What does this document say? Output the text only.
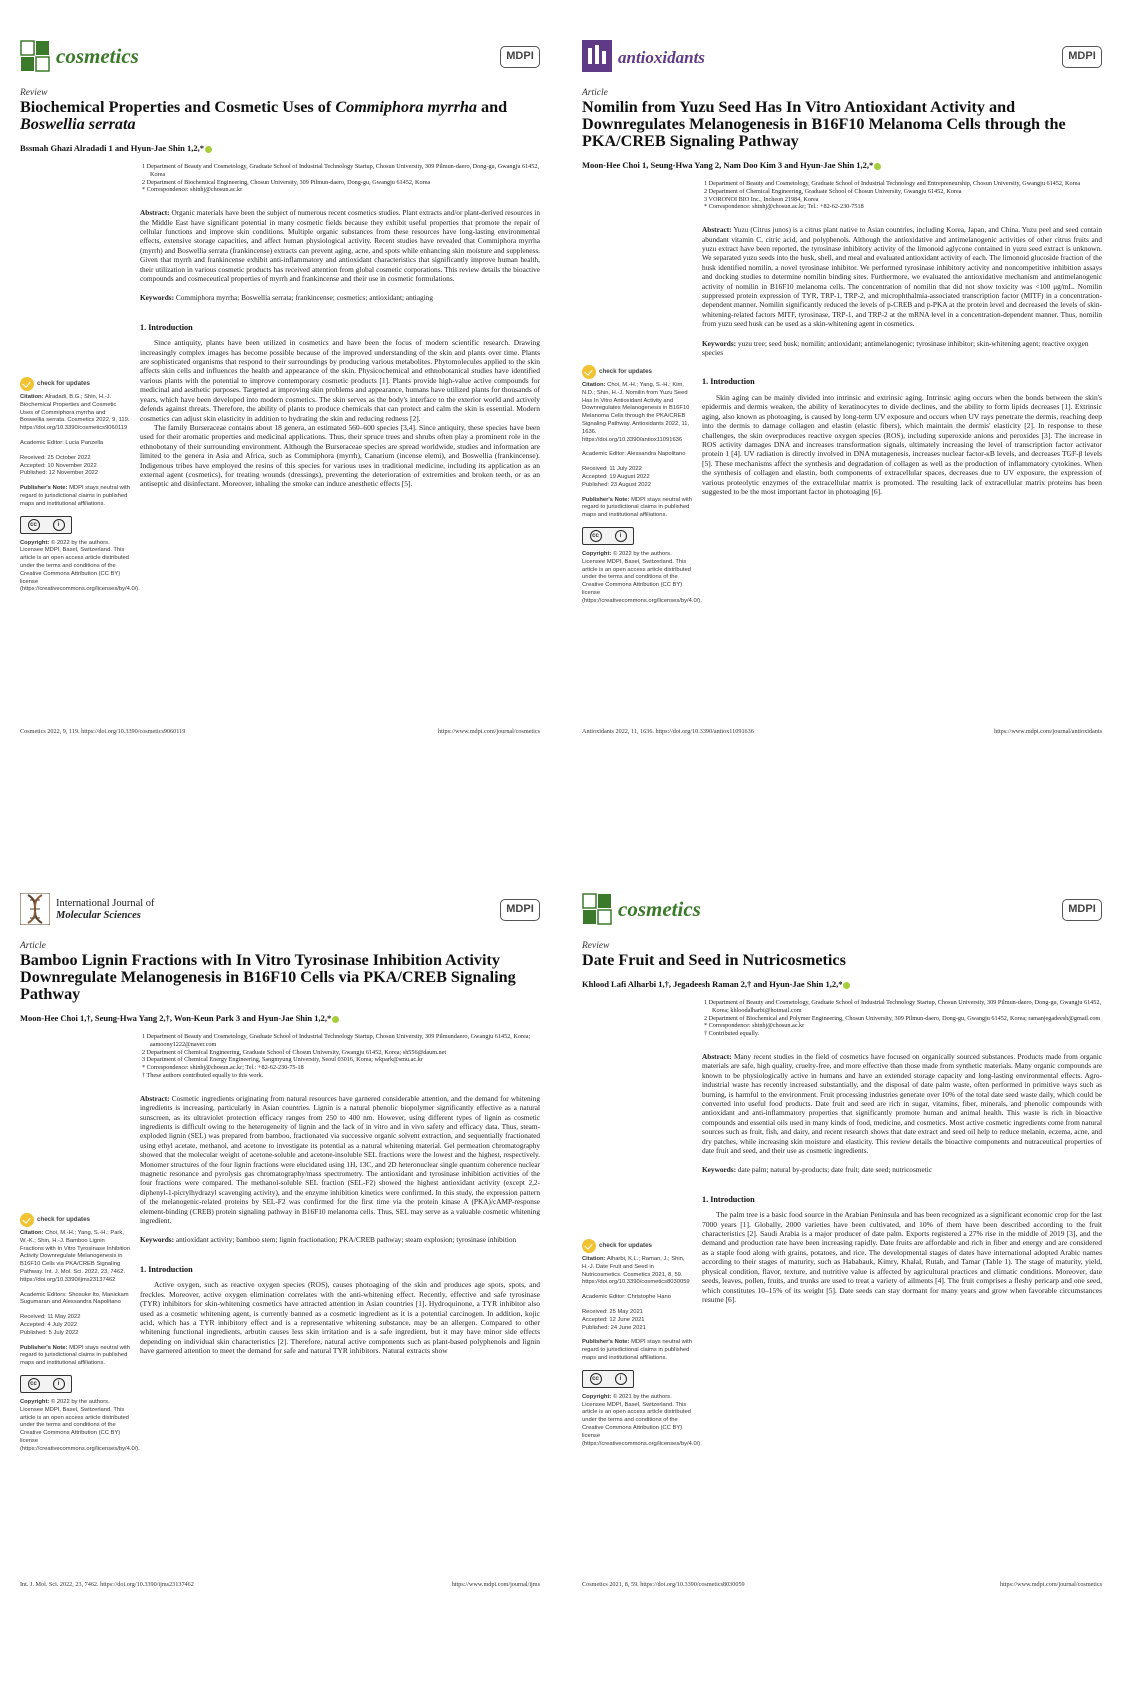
cosmetics	MDPI
Review
Biochemical Properties and Cosmetic Uses of Commiphora myrrha and Boswellia serrata
Bssmah Ghazi Alradadi 1 and Hyun-Jae Shin 1,2,*
check for updates

Citation: Alradadi, B.G.; Shin, H.-J. Biochemical Properties and Cosmetic Uses of Commiphora myrrha and Boswellia serrata. Cosmetics 2022, 9, 119. https://doi.org/10.3390/cosmetics9060119

Academic Editor: Lucia Panzella

Received: 25 October 2022
Accepted: 10 November 2022
Published: 12 November 2022

Publisher's Note: MDPI stays neutral with regard to jurisdictional claims in published maps and institutional affiliations.

cc	i

Copyright: © 2022 by the authors. Licensee MDPI, Basel, Switzerland. This article is an open access article distributed under the terms and conditions of the Creative Commons Attribution (CC BY) license (https://creativecommons.org/licenses/by/4.0/).

1 Department of Beauty and Cosmetology, Graduate School of Industrial Technology Startup, Chosun University, 309 Pilmun-daero, Dong-gu, Gwangju 61452, Korea
2 Department of Biochemical Engineering, Chosun University, 309 Pilmun-daero, Dong-gu, Gwangju 61452, Korea
* Correspondence: shinhj@chosun.ac.kr
Abstract: Organic materials have been the subject of numerous recent cosmetics studies. Plant extracts and/or plant-derived resources in the Middle East have significant potential in many cosmetic fields because they exhibit useful properties that promote the repair of cellular functions and improve skin conditions. Multiple organic substances from these resources have long-lasting environmental effects, extensive storage capacities, and affect human physiological activity. Recent studies have revealed that Commiphora myrrha (myrrh) and Boswellia serrata (frankincense) extracts can prevent aging, acne, and spots while enhancing skin moisture and suppleness. Given that myrrh and frankincense exhibit anti-inflammatory and antioxidant characteristics that significantly improve human health, their utilization in various cosmetic products has received attention from global cosmetic corporations. This review details the bioactive compounds and cosmeceutical properties of myrrh and frankincense and their use in cosmetic formulations.
Keywords: Commiphora myrrha; Boswellia serrata; frankincense; cosmetics; antioxidant; antiaging
1. Introduction
Since antiquity, plants have been utilized in cosmetics and have been the focus of modern scientific research. Drawing increasingly complex images has become possible because of the improved understanding of the skin and plants over time. Plants are sophisticated organisms that respond to their surroundings by producing various metabolites. Phytomolecules applied to the skin affects skin cells and influences the health and appearance of the skin. Physicochemical and ethnobotanical studies have identified various plants with the potential to improve contemporary cosmetic products [1]. Plants provide high-value active compounds for medicinal and aesthetic purposes. Targeted at improving skin problems and appearance, humans have utilized plants for thousands of years, which have been developed into modern cosmetics. The skin serves as the body's interface to the exterior world and actively defends against threats. Therefore, the ability of plants to produce chemicals that can protect and calm the skin is essential. Modern cosmetics can adjust skin elasticity in addition to hydrating the skin and reducing redness [2].
The family Burseraceae contains about 18 genera, an estimated 560–600 species [3,4]. Since antiquity, these species have been used for their aromatic properties and medicinal applications. Thus, their spruce trees and shrubs often play a prominent role in the ethnobotany of their surrounding environment. Although the Burseraceae species are spread worldwide, studies and information are limited to the genera in Asia and Africa, such as Commiphora (myrrh), Canarium (incense elemi), and Boswellia (frankincense). Indigenous tribes have employed the resins of this species for various uses in traditional medicine, including its application as an external agent (cosmetics), for treating wounds (dressings), preventing the deterioration of extremities and broken teeth, or as an antiseptic and disinfectant. Moreover, inhaling the smoke can induce anesthetic effects [5].
Cosmetics 2022, 9, 119. https://doi.org/10.3390/cosmetics9060119	https://www.mdpi.com/journal/cosmetics
antioxidants	MDPI
Article
Nomilin from Yuzu Seed Has In Vitro Antioxidant Activity and Downregulates Melanogenesis in B16F10 Melanoma Cells through the PKA/CREB Signaling Pathway
Moon-Hee Choi 1, Seung-Hwa Yang 2, Nam Doo Kim 3 and Hyun-Jae Shin 1,2,*
check for updates

Citation: Choi, M.-H.; Yang, S.-H.; Kim, N.D.; Shin, H.-J. Nomilin from Yuzu Seed Has In Vitro Antioxidant Activity and Downregulates Melanogenesis in B16F10 Melanoma Cells through the PKA/CREB Signaling Pathway. Antioxidants 2022, 11, 1636. https://doi.org/10.3390/antiox11091636

Academic Editor: Alessandra Napolitano

Received: 11 July 2022
Accepted: 19 August 2022
Published: 23 August 2022

Publisher's Note: MDPI stays neutral with regard to jurisdictional claims in published maps and institutional affiliations.

cc	i

Copyright: © 2022 by the authors. Licensee MDPI, Basel, Switzerland. This article is an open access article distributed under the terms and conditions of the Creative Commons Attribution (CC BY) license (https://creativecommons.org/licenses/by/4.0/).

1 Department of Beauty and Cosmetology, Graduate School of Industrial Technology and Entrepreneurship, Chosun University, Gwangju 61452, Korea
2 Department of Chemical Engineering, Graduate School of Chosun University, Gwangju 61452, Korea
3 VORONOI BIO Inc., Incheon 21984, Korea
* Correspondence: shinhj@chosun.ac.kr; Tel.: +82-62-230-7518
Abstract: Yuzu (Citrus junos) is a citrus plant native to Asian countries, including Korea, Japan, and China. Yuzu peel and seed contain abundant vitamin C, citric acid, and polyphenols. Although the antioxidative and antimelanogenic activities of other citrus fruits and yuzu extract have been reported, the tyrosinase inhibitory activity of the limonoid aglycone contained in yuzu seed extract is unknown. We separated yuzu seeds into the husk, shell, and meal and evaluated antioxidant activity of each. The limonoid glucoside fraction of the husk identified nomilin, a novel tyrosinase inhibitor. We performed tyrosinase inhibitory activity and noncompetitive inhibition assays and docking studies to determine nomilin binding sites. Furthermore, we evaluated the antioxidative mechanism and antimelanogenic activity of nomilin in B16F10 melanoma cells. The concentration of nomilin that did not show toxicity was <100 μg/mL. Nomilin suppressed protein expression of TYR, TRP-1, TRP-2, and microphthalmia-associated transcription factor (MITF) in a concentration-dependent manner. Nomilin significantly reduced the levels of p-CREB and p-PKA at the protein level and decreased the levels of skin-whitening-related factors MITF, tyrosinase, TRP-1, and TRP-2 at the mRNA level in a concentration-dependent manner. Thus, nomilin from yuzu seed husk can be used as a skin-whitening agent in cosmetics.
Keywords: yuzu tree; seed husk; nomilin; antioxidant; antimelanogenic; tyrosinase inhibitor; skin-whitening agent; reactive oxygen species
1. Introduction
Skin aging can be mainly divided into intrinsic and extrinsic aging. Intrinsic aging occurs when the bonds between the skin's epidermis and dermis weaken, the ability of keratinocytes to divide declines, and the ability to form lipids decreases [1]. Extrinsic aging, also known as photoaging, is caused by long-term UV exposure and occurs when UV rays penetrate the dermis, reaching deep into the dermis to damage collagen and elastin (elastic fibers), which maintain the dermis' elasticity [2]. In response to these challenges, the skin overproduces reactive oxygen species (ROS), including superoxide anions and peroxides [3]. The increase in ROS activity damages DNA and increases transformation signals, ultimately increasing the level of transcription factor activator protein 1 [4]. UV radiation is directly involved in DNA mutagenesis, increases nuclear factor-κB levels, and decreases TGF-β levels [5]. These mechanisms affect the synthesis and degradation of collagen as well as the production of inflammatory cytokines. When the synthesis of collagen and elastin, both components of extracellular spaces, decreases due to UV exposure, the expression of various proteolytic enzymes of the extracellular matrix is promoted. The resulting lack of extracellular matrix proteins has been suggested to be the most important factor in photoaging [6].
Antioxidants 2022, 11, 1636. https://doi.org/10.3390/antiox11091636	https://www.mdpi.com/journal/antioxidants
International Journal of
Molecular Sciences
MDPI
Article
Bamboo Lignin Fractions with In Vitro Tyrosinase Inhibition Activity Downregulate Melanogenesis in B16F10 Cells via PKA/CREB Signaling Pathway
Moon-Hee Choi 1,†, Seung-Hwa Yang 2,†, Won-Keun Park 3 and Hyun-Jae Shin 1,2,*
check for updates

Citation: Choi, M.-H.; Yang, S.-H.; Park, W.-K.; Shin, H.-J. Bamboo Lignin Fractions with In Vitro Tyrosinase Inhibition Activity Downregulate Melanogenesis in B16F10 Cells via PKA/CREB Signaling Pathway. Int. J. Mol. Sci. 2022, 23, 7462. https://doi.org/10.3390/ijms23137462

Academic Editors: Shosuke Ito, Manickam Sugumaran and Alessandra Napolitano

Received: 11 May 2022
Accepted: 4 July 2022
Published: 5 July 2022

Publisher's Note: MDPI stays neutral with regard to jurisdictional claims in published maps and institutional affiliations.

cc	i

Copyright: © 2022 by the authors. Licensee MDPI, Basel, Switzerland. This article is an open access article distributed under the terms and conditions of the Creative Commons Attribution (CC BY) license (https://creativecommons.org/licenses/by/4.0/).

1 Department of Beauty and Cosmetology, Graduate School of Industrial Technology Startup, Chosun University, 309 Pilmundaero, Gwangju 61452, Korea; aamoony1222@naver.com
2 Department of Chemical Engineering, Graduate School of Chosun University, Gwangju 61452, Korea; sh556@daum.net
3 Department of Chemical Energy Engineering, Sangmyung University, Seoul 03016, Korea; wkpark@smu.ac.kr
* Correspondence: shinhj@chosun.ac.kr; Tel.: +82-62-230-75-18
† These authors contributed equally to this work.
Abstract: Cosmetic ingredients originating from natural resources have garnered considerable attention, and the demand for whitening ingredients is increasing, particularly in Asian countries. Lignin is a natural phenolic biopolymer significantly effective as a natural sunscreen, as its ultraviolet protection efficacy ranges from 250 to 400 nm. However, using different types of lignin as cosmetic ingredients is difficult owing to the heterogeneity of lignin and the lack of in vitro and in vivo safety and efficacy data. Thus, steam-exploded lignin (SEL) was prepared from bamboo, fractionated via successive organic solvent extraction, and sequentially fractionated using ethyl acetate, methanol, and acetone to investigate its potential as a natural whitening material. Gel permeation chromatography showed that the molecular weight of acetone-soluble and acetone-insoluble SEL fractions were the lowest and the highest, respectively. Monomer structures of the four lignin fractions were elucidated using 1H, 13C, and 2D heteronuclear single quantum coherence nuclear magnetic resonance and pyrolysis gas chromatography/mass spectrometry. The antioxidant and tyrosinase inhibition activities of the four fractions were compared. The methanol-soluble SEL fraction (SEL-F2) showed the highest antioxidant activity (except 2,2-diphenyl-1-picrylhydrazyl scavenging activity), and the enzyme inhibition kinetics were confirmed. In this study, the expression pattern of the melanogenic-related proteins by SEL-F2 was confirmed for the first time via the protein kinase A (PKA)/cAMP-response element-binding (CREB) protein signaling pathway in B16F10 melanoma cells. Thus, SEL may serve as a valuable cosmetic whitening ingredient.
Keywords: antioxidant activity; bamboo stem; lignin fractionation; PKA/CREB pathway; steam explosion; tyrosinase inhibition
1. Introduction
Active oxygen, such as reactive oxygen species (ROS), causes photoaging of the skin and produces age spots, spots, and freckles. Moreover, active oxygen elimination correlates with the anti-whitening effect. Recently, effective and safe tyrosinase (TYR) inhibitors for skin-whitening cosmetics have attracted attention in Asian countries [1]. Hydroquinone, a TYR inhibitor also used as a cosmetic whitening agent, is currently banned as a cosmetic ingredient as it is a potential carcinogen. In addition, kojic acid, which has a TYR inhibitory effect and is a representative whitening substance, may be an allergen. Compared to other whitening functional ingredients, arbutin causes less skin irritation and is a safe ingredient, but it may have minor side effects depending on individual skin characteristics [2]. Therefore, natural active components such as plant-based polyphenols and lignin have garnered attention to meet the demand for safe and natural TYR inhibitors. Natural extracts show
Int. J. Mol. Sci. 2022, 23, 7462. https://doi.org/10.3390/ijms23137462	https://www.mdpi.com/journal/ijms
cosmetics	MDPI
Review
Date Fruit and Seed in Nutricosmetics
Khlood Lafi Alharbi 1,†, Jegadeesh Raman 2,† and Hyun-Jae Shin 1,2,*
check for updates

Citation: Alharbi, K.L.; Raman, J.; Shin, H.-J. Date Fruit and Seed in Nutricosmetics. Cosmetics 2021, 8, 59. https://doi.org/10.3390/cosmetics8030059

Academic Editor: Christophe Hano

Received: 25 May 2021
Accepted: 12 June 2021
Published: 24 June 2021

Publisher's Note: MDPI stays neutral with regard to jurisdictional claims in published maps and institutional affiliations.

cc	i

Copyright: © 2021 by the authors. Licensee MDPI, Basel, Switzerland. This article is an open access article distributed under the terms and conditions of the Creative Commons Attribution (CC BY) license (https://creativecommons.org/licenses/by/4.0/).

1 Department of Beauty and Cosmetology, Graduate School of Industrial Technology Startup, Chosun University, 309 Pilmun-daero, Dong-gu, Gwangju 61452, Korea; khloodalharbi@hotmail.com
2 Department of Biochemical and Polymer Engineering, Chosun University, 309 Pilmun-daero, Dong-gu, Gwangju 61452, Korea; ramanjegadeesh@gmail.com
* Correspondence: shinhj@chosun.ac.kr
† Contributed equally.
Abstract: Many recent studies in the field of cosmetics have focused on organically sourced substances. Products made from organic materials are safe, high quality, cruelty-free, and more effective than those made from synthetic materials. Many organic compounds are known to be physiologically active in humans and have an extended storage capacity and long-lasting environmental effects. Agro-industrial waste has recently increased substantially, and the disposal of date palm waste, often performed in primitive ways such as burning, is harmful to the environment. Fruit processing industries generate over 10% of the total date seed waste daily, which could be converted into useful food products. Date fruit and seed are rich in sugar, vitamins, fiber, minerals, and phenolic compounds with antioxidant and anti-inflammatory properties that significantly promote human and animal health. This waste is rich in bioactive compounds and essential oils used in many kinds of food, medicine, and cosmetics. Most active cosmetic ingredients come from natural sources such as fruit, fish, and dairy, and recent research shows that date extract and seed oil help to reduce melanin, eczema, acne, and dry patches, while increasing skin moisture and elasticity. This review details the bioactive components and nutraceutical properties of date fruit and seed, and their use as cosmetic ingredients.
Keywords: date palm; natural by-products; date fruit; date seed; nutricosmetic
1. Introduction
The palm tree is a basic food source in the Arabian Peninsula and has been recognized as a significant economic crop for the last 7000 years [1]. Globally, 2000 varieties have been cultivated, and 10% of them have been described according to the fruit characteristics [2]. Saudi Arabia is a major producer of date palm. Exports registered a 27% rise in the middle of 2019 [3], and the demand and production rate have been increasing rapidly. Date fruits are affordable and rich in fiber and energy and are considered as a staple food along with grains, potatoes, and rice. The developmental stages of dates have international adopted Arabic names according to their stages of maturity, such as Hababauk, Kimry, Khalal, Rutab, and Tamar (Table 1). The stage of maturity, yield, physical condition, flavor, texture, and nutritive value is affected by agricultural practices and climatic conditions. Moreover, date seeds, leaves, pollen, fruits, and trunks are used to treat a variety of ailments [4]. The fruit comprises a fleshy pericarp and one seed, which constitutes 10–15% of its weight [5]. Date seeds can stay dormant for many years and grow when favorable circumstances resume [6].
Cosmetics 2021, 8, 59. https://doi.org/10.3390/cosmetics8030059	https://www.mdpi.com/journal/cosmetics
